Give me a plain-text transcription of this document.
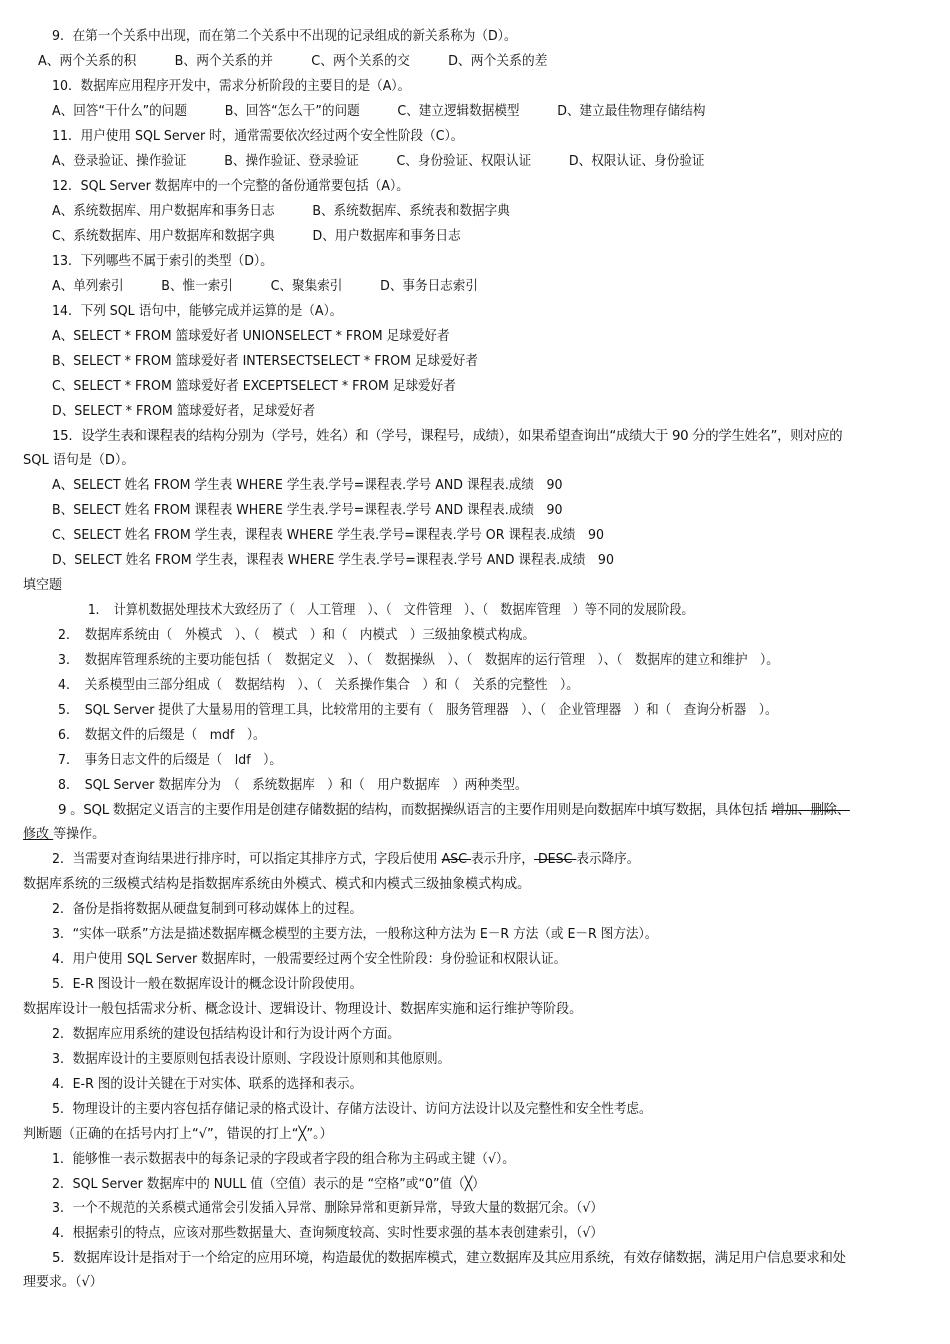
9．在第一个关系中出现，而在第二个关系中不出现的记录组成的新关系称为（D）。
A、两个关系的积　　　B、两个关系的并　　　C、两个关系的交　　　D、两个关系的差
10．数据库应用程序开发中，需求分析阶段的主要目的是（A）。
A、回答“干什么”的问题　　　B、回答“怎么干”的问题　　　C、建立逻辑数据模型　　　D、建立最佳物理存储结构
11．用户使用 SQL Server 时，通常需要依次经过两个安全性阶段（C）。
A、登录验证、操作验证　　　B、操作验证、登录验证　　　C、身份验证、权限认证　　　D、权限认证、身份验证
12．SQL Server 数据库中的一个完整的备份通常要包括（A）。
A、系统数据库、用户数据库和事务日志　　　B、系统数据库、系统表和数据字典
C、系统数据库、用户数据库和数据字典　　　D、用户数据库和事务日志
13．下列哪些不属于索引的类型（D）。
A、单列索引　　　B、惟一索引　　　C、聚集索引　　　D、事务日志索引
14．下列 SQL 语句中，能够完成并运算的是（A）。
A、SELECT * FROM 篮球爱好者 UNIONSELECT * FROM 足球爱好者
B、SELECT * FROM 篮球爱好者 INTERSECTSELECT * FROM 足球爱好者
C、SELECT * FROM 篮球爱好者 EXCEPTSELECT * FROM 足球爱好者
D、SELECT * FROM 篮球爱好者，足球爱好者
15．设学生表和课程表的结构分别为（学号，姓名）和（学号，课程号，成绩），如果希望查询出“成绩大于 90 分的学生姓名”，则对应的
SQL 语句是（D）。
A、SELECT 姓名 FROM 学生表 WHERE 学生表.学号=课程表.学号 AND 课程表.成绩　90
B、SELECT 姓名 FROM 课程表 WHERE 学生表.学号=课程表.学号 AND 课程表.成绩　90
C、SELECT 姓名 FROM 学生表，课程表 WHERE 学生表.学号=课程表.学号 OR 课程表.成绩　90
D、SELECT 姓名 FROM 学生表，课程表 WHERE 学生表.学号=课程表.学号 AND 课程表.成绩　90
填空题
1．　计算机数据处理技术大致经历了（　人工管理　）、（　文件管理　）、（　数据库管理　）等不同的发展阶段。
2．　数据库系统由（　外模式　）、（　模式　）和（　内模式　）三级抽象模式构成。
3．　数据库管理系统的主要功能包括（　数据定义　）、（　数据操纵　）、（　数据库的运行管理　）、（　数据库的建立和维护　）。
4．　关系模型由三部分组成（　数据结构　）、（　关系操作集合　）和（　关系的完整性　）。
5．　SQL Server 提供了大量易用的管理工具，比较常用的主要有（　服务管理器　）、（　企业管理器　）和（　查询分析器　）。
6．　数据文件的后缀是（　mdf　）。
7．　事务日志文件的后缀是（　ldf　）。
8．　SQL Server 数据库分为　（　系统数据库　）和（　用户数据库　）两种类型。
9 。SQL 数据定义语言的主要作用是创建存储数据的结构，而数据操纵语言的主要作用则是向数据库中填写数据，具体包括 增加、删除、
修改 等操作。
2．当需要对查询结果进行排序时，可以指定其排序方式，字段后使用 ASC 表示升序， DESC 表示降序。
数据库系统的三级模式结构是指数据库系统由外模式、模式和内模式三级抽象模式构成。
2．备份是指将数据从硬盘复制到可移动媒体上的过程。
3．“实体一联系”方法是描述数据库概念模型的主要方法，一般称这种方法为 E－R 方法（或 E－R 图方法）。
4．用户使用 SQL Server 数据库时，一般需要经过两个安全性阶段：身份验证和权限认证。
5．E-R 图设计一般在数据库设计的概念设计阶段使用。
数据库设计一般包括需求分析、概念设计、逻辑设计、物理设计、数据库实施和运行维护等阶段。
2．数据库应用系统的建设包括结构设计和行为设计两个方面。
3．数据库设计的主要原则包括表设计原则、字段设计原则和其他原则。
4．E-R 图的设计关键在于对实体、联系的选择和表示。
5．物理设计的主要内容包括存储记录的格式设计、存储方法设计、访问方法设计以及完整性和安全性考虑。
判断题（正确的在括号内打上“√”，错误的打上“╳”。）
1．能够惟一表示数据表中的每条记录的字段或者字段的组合称为主码或主键（√）。
2．SQL Server 数据库中的 NULL 值（空值）表示的是 “空格”或“0”值（╳）
3．一个不规范的关系模式通常会引发插入异常、删除异常和更新异常，导致大量的数据冗余。（√）
4．根据索引的特点，应该对那些数据量大、查询频度较高、实时性要求强的基本表创建索引，（√）
5．数据库设计是指对于一个给定的应用环境，构造最优的数据库模式，建立数据库及其应用系统，有效存储数据，满足用户信息要求和处
理要求。（√）
